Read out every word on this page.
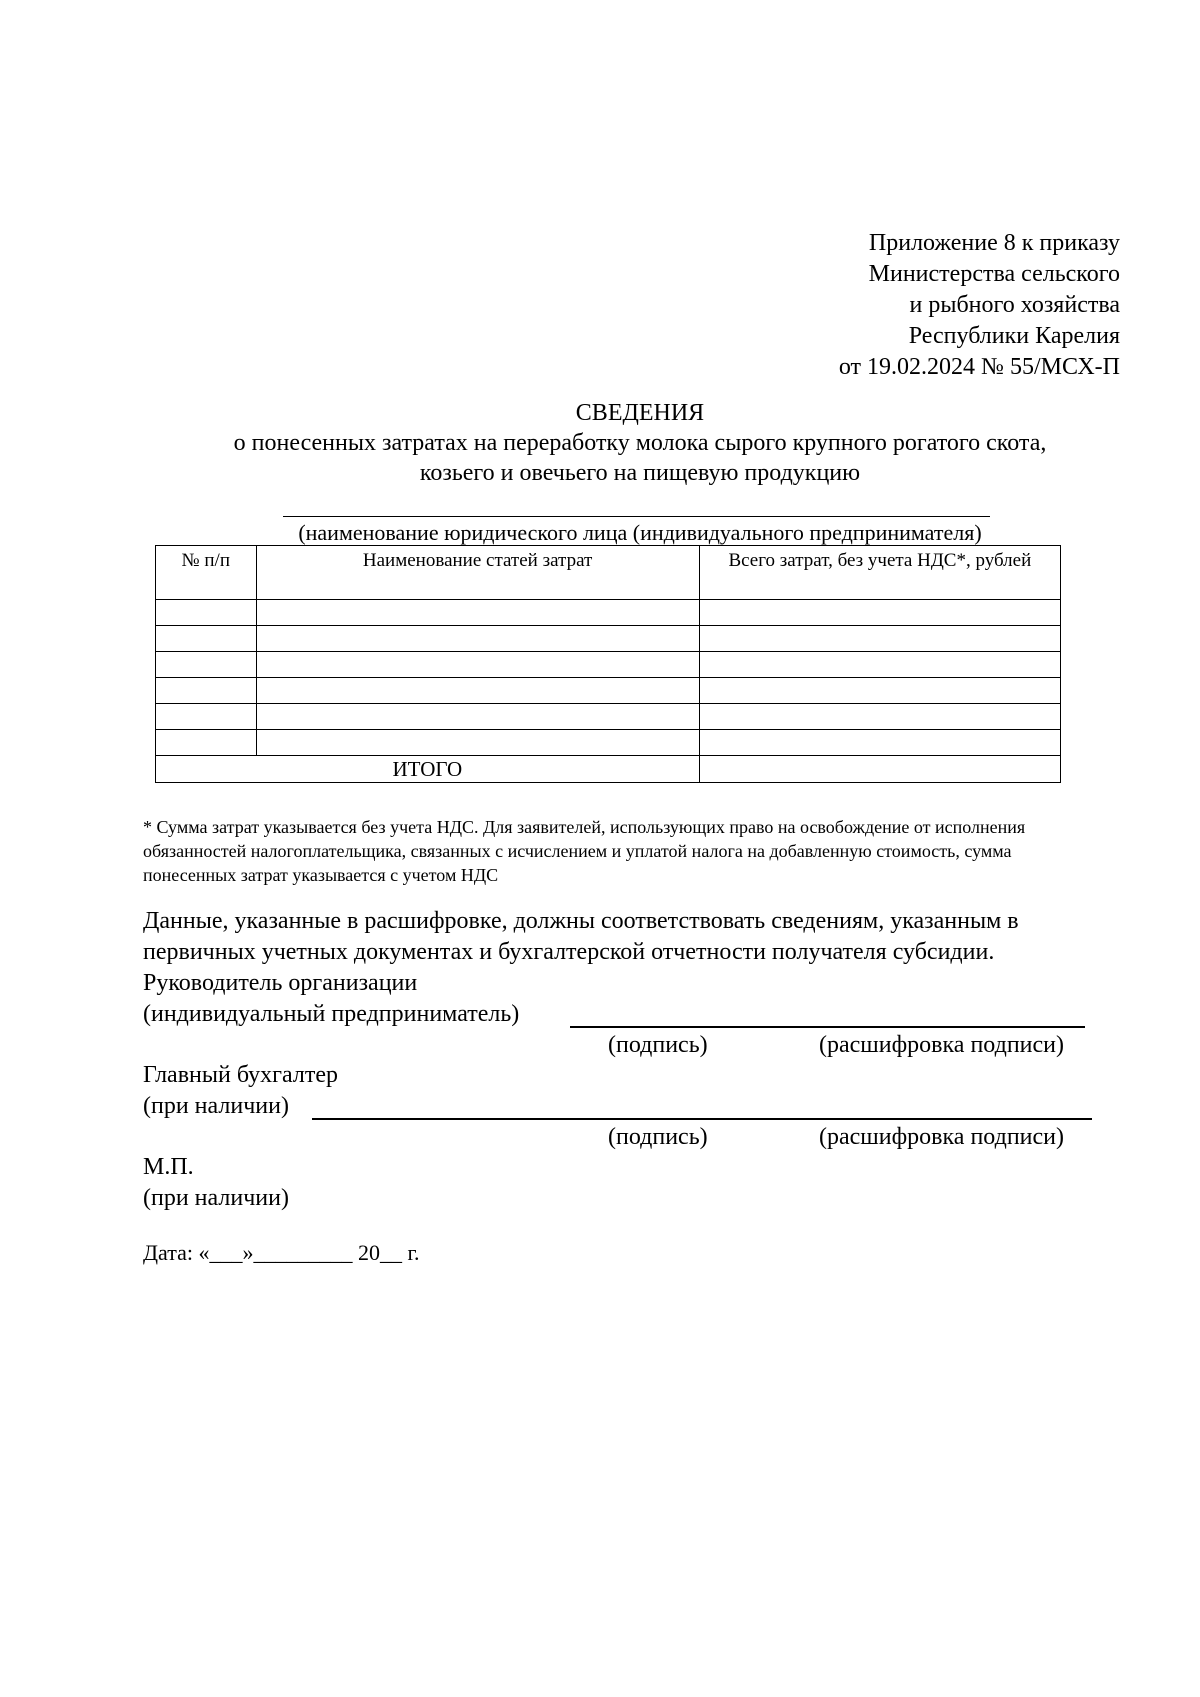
Приложение 8 к приказу
Министерства сельского
и рыбного хозяйства
Республики Карелия
от 19.02.2024 № 55/МСХ-П
СВЕДЕНИЯ
о понесенных затратах на переработку молока сырого крупного рогатого скота,
козьего и овечьего на пищевую продукцию
(наименование юридического лица (индивидуального предпринимателя)
№ п/п	Наименование статей затрат	Всего затрат, без учета НДС*, рублей

ИТОГО		
* Сумма затрат указывается без учета НДС. Для заявителей, использующих право на освобождение от исполнения обязанностей налогоплательщика, связанных с исчислением и уплатой налога на добавленную стоимость, сумма понесенных затрат указывается с учетом НДС
Данные, указанные в расшифровке, должны соответствовать сведениям, указанным в первичных учетных документах и бухгалтерской отчетности получателя субсидии.
Руководитель организации
(индивидуальный предприниматель)
(подпись)	(расшифровка подписи)
Главный бухгалтер
(при наличии)
(подпись)	(расшифровка подписи)
М.П.
(при наличии)
Дата: «___»_________ 20__ г.
